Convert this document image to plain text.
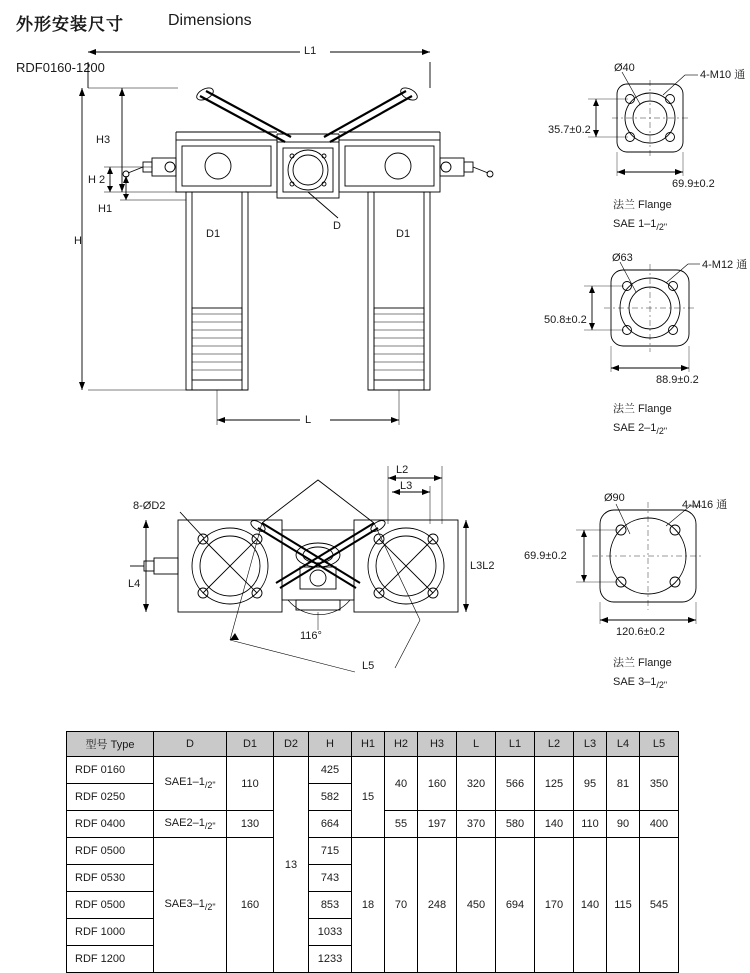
外形安装尺寸	Dimensions
RDF0160-1200
L1
H3
H 2
H1
H
D1	D1
D
L
L2
L3
L3L2
L4
L5
116°
8-ØD2
Ø40
4-M10 通
35.7±0.2
69.9±0.2
法兰 Flange
SAE $1-1_{/2"}$
Ø63
4-M12 通
50.8±0.2
88.9±0.2
法兰 Flange
SAE $2-1_{/2"}$
Ø90
4-M16 通
69.9±0.2
120.6±0.2
法兰 Flange
SAE $3-1_{/2"}$
型号 Type	D	D1	D2	H	H1	H2	H3	L	L1	L2	L3	L4	L5
RDF 0160	$SAE1-1_{/2"}$	110	13	425	15	40	160	320	566	125	95	81	350
RDF 0250				582									
RDF 0400	$SAE2-1_{/2"}$	130		664		55	197	370	580	140	110	90	400
RDF 0500	$SAE3-1_{/2"}$	160		715	18	70	248	450	694	170	140	115	545
RDF 0530				743									
RDF 0500				853									
RDF 1000				1033									
RDF 1200				1233									
